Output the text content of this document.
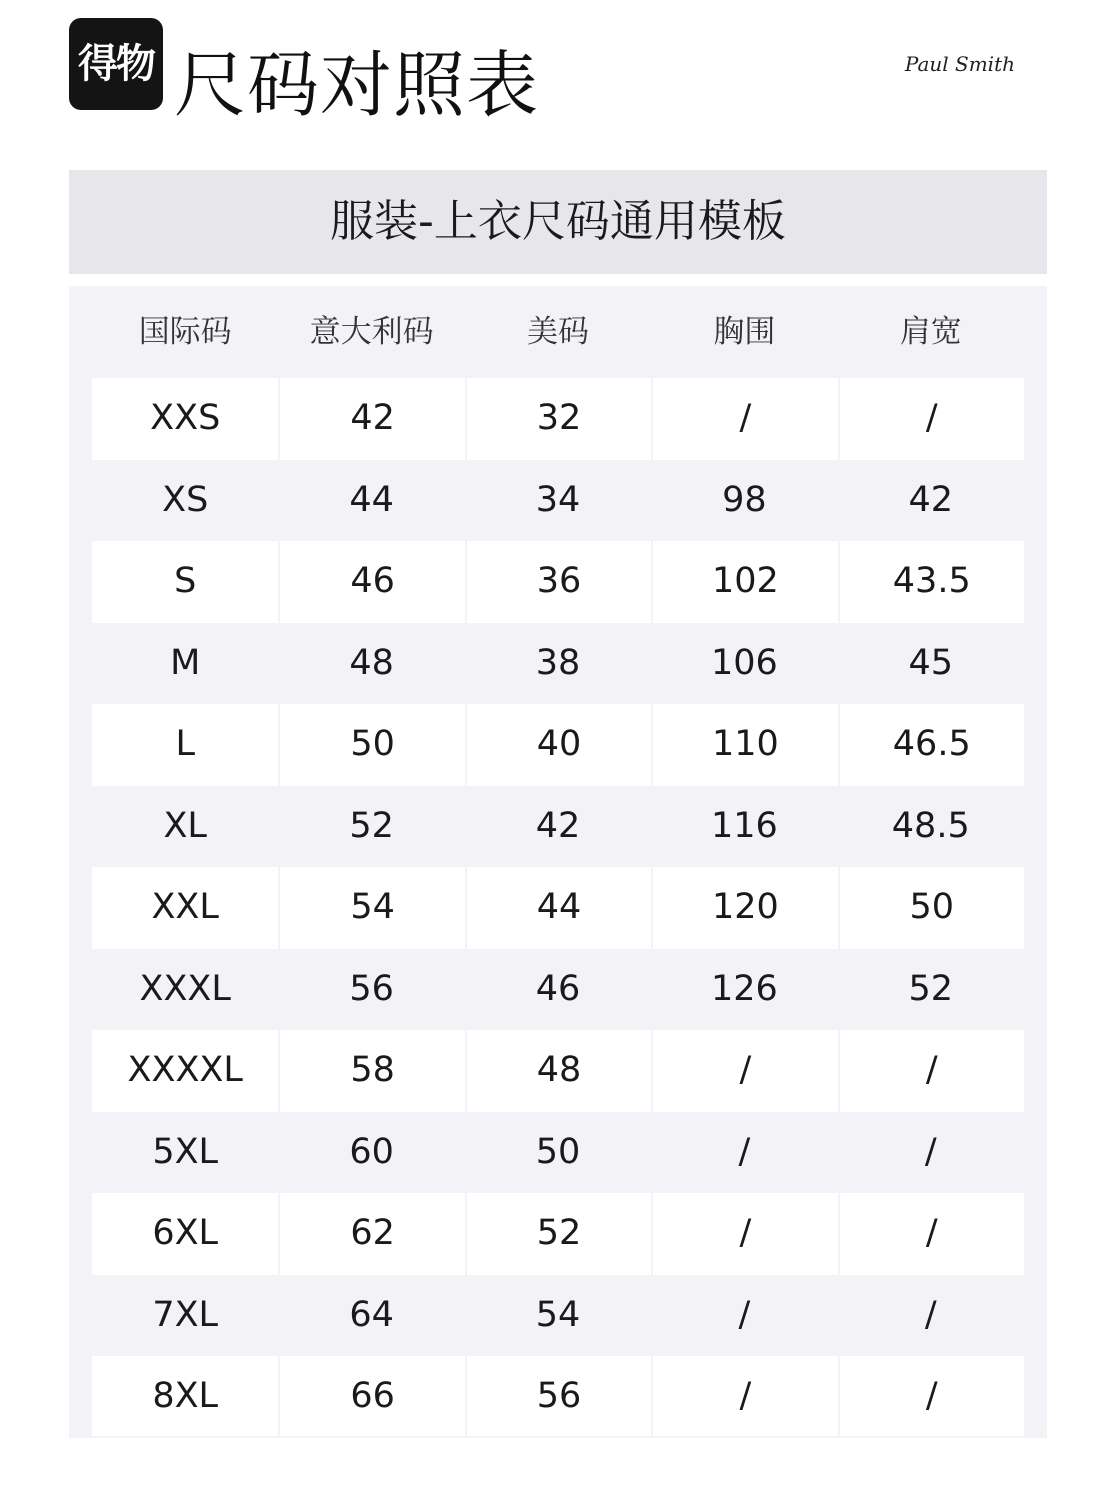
得物 尺码对照表	Paul Smith
服装-上衣尺码通用模板
国际码	意大利码	美码	胸围	肩宽
XXS	42	32	/	/
XS	44	34	98	42
S	46	36	102	43.5
M	48	38	106	45
L	50	40	110	46.5
XL	52	42	116	48.5
XXL	54	44	120	50
XXXL	56	46	126	52
XXXXL	58	48	/	/
5XL	60	50	/	/
6XL	62	52	/	/
7XL	64	54	/	/
8XL	66	56	/	/
